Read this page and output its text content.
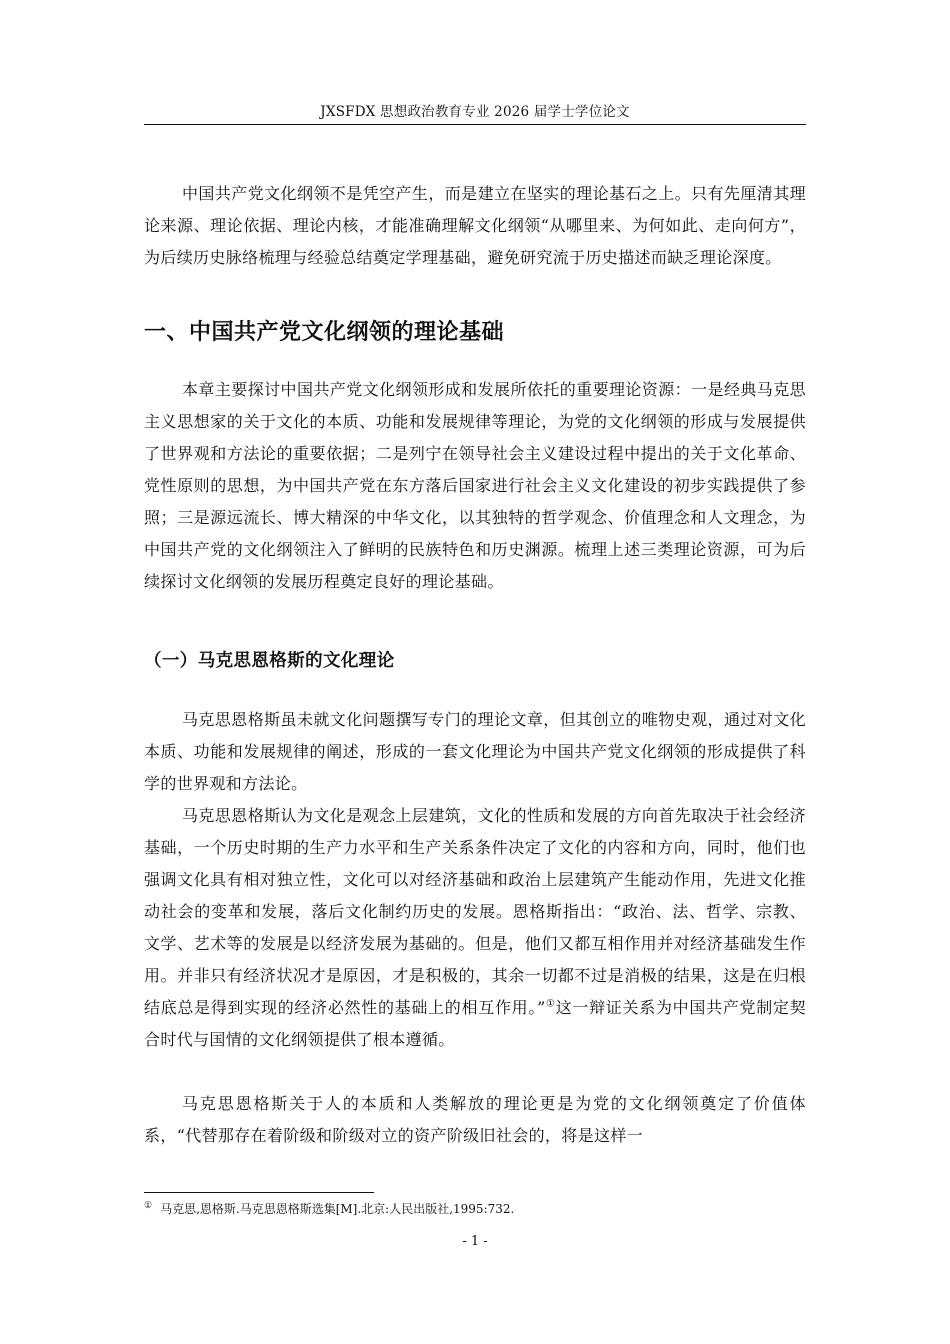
JXSFDX 思想政治教育专业 2026 届学士学位论文

中国共产党文化纲领不是凭空产生，而是建立在坚实的理论基石之上。只有先厘清其理论来源、理论依据、理论内核，才能准确理解文化纲领“从哪里来、为何如此、走向何方”，为后续历史脉络梳理与经验总结奠定学理基础，避免研究流于历史描述而缺乏理论深度。

一、中国共产党文化纲领的理论基础

本章主要探讨中国共产党文化纲领形成和发展所依托的重要理论资源：一是经典马克思主义思想家的关于文化的本质、功能和发展规律等理论，为党的文化纲领的形成与发展提供了世界观和方法论的重要依据；二是列宁在领导社会主义建设过程中提出的关于文化革命、党性原则的思想，为中国共产党在东方落后国家进行社会主义文化建设的初步实践提供了参照；三是源远流长、博大精深的中华文化，以其独特的哲学观念、价值理念和人文理念，为中国共产党的文化纲领注入了鲜明的民族特色和历史渊源。梳理上述三类理论资源，可为后续探讨文化纲领的发展历程奠定良好的理论基础。

（一）马克思恩格斯的文化理论

马克思恩格斯虽未就文化问题撰写专门的理论文章，但其创立的唯物史观，通过对文化本质、功能和发展规律的阐述，形成的一套文化理论为中国共产党文化纲领的形成提供了科学的世界观和方法论。

马克思恩格斯认为文化是观念上层建筑，文化的性质和发展的方向首先取决于社会经济基础，一个历史时期的生产力水平和生产关系条件决定了文化的内容和方向，同时，他们也强调文化具有相对独立性，文化可以对经济基础和政治上层建筑产生能动作用，先进文化推动社会的变革和发展，落后文化制约历史的发展。恩格斯指出：“政治、法、哲学、宗教、文学、艺术等的发展是以经济发展为基础的。但是，他们又都互相作用并对经济基础发生作用。并非只有经济状况才是原因，才是积极的，其余一切都不过是消极的结果，这是在归根结底总是得到实现的经济必然性的基础上的相互作用。”①这一辩证关系为中国共产党制定契合时代与国情的文化纲领提供了根本遵循。

马克思恩格斯关于人的本质和人类解放的理论更是为党的文化纲领奠定了价值体系，“代替那存在着阶级和阶级对立的资产阶级旧社会的，将是这样一

① 马克思,恩格斯.马克思恩格斯选集[M].北京:人民出版社,1995:732.

- 1 -
